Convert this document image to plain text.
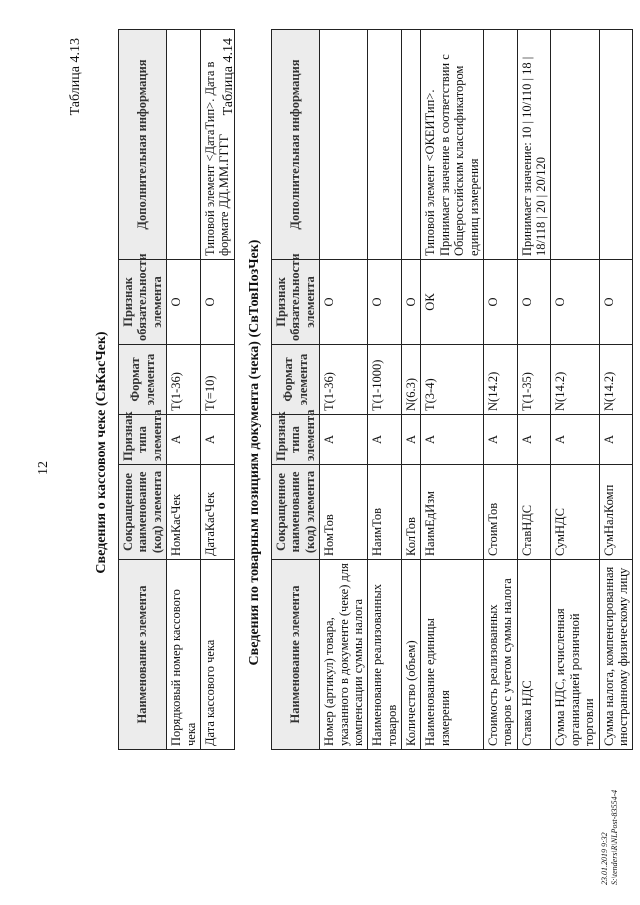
12
Таблица 4.13
Сведения о кассовом чеке (СвКасЧек)
Наименование элемента	Сокращенное наименование (код) элемента	Признак типа элемента	Формат элемента	Признак обязательности элемента	Дополнительная информация
Порядковый номер кассового чека	НомКасЧек	А	T(1-36)	О	
Дата кассового чека	ДатаКасЧек	А	T(=10)	О	Типовой элемент <ДатаТип>. Дата в формате ДД.ММ.ГГГГ
Таблица 4.14
Сведения по товарным позициям документа (чека) (СвТовПозЧек) Наименование элемента	Сокращенное наименование (код) элемента	Признак типа элемента	Формат элемента	Признак обязательности элемента	Дополнительная информация
Номер (артикул) товара, указанного в документе (чеке) для компенсации суммы налога	НомТов	А	T(1-36)	О	
Наименование реализованных товаров	НаимТов	А	T(1-1000)	О	
Количество (объем)	КолТов	А	N(6.3)	О	
Наименование единицы измерения	НаимЕдИзм	А	T(3-4)	ОК	Типовой элемент <ОКЕИТип>. Принимает значение в соответствии с Общероссийским классификатором единиц измерения
Стоимость реализованных товаров с учетом суммы налога	СтоимТов	А	N(14.2)	О	
Ставка НДС	СтавНДС	А	T(1-35)	О	Принимает значение: 10 | 10/110 | 18 | 18/118 | 20 | 20/120
Сумма НДС, исчисленная организацией розничной торговли	СумНДС	А	N(14.2)	О	
Сумма налога, компенсированная иностранному физическому лицу	СумНалКомп	А	N(14.2)	О	
23.01.2019 9:32 S:\tenders\R\NLPost-83554-4
